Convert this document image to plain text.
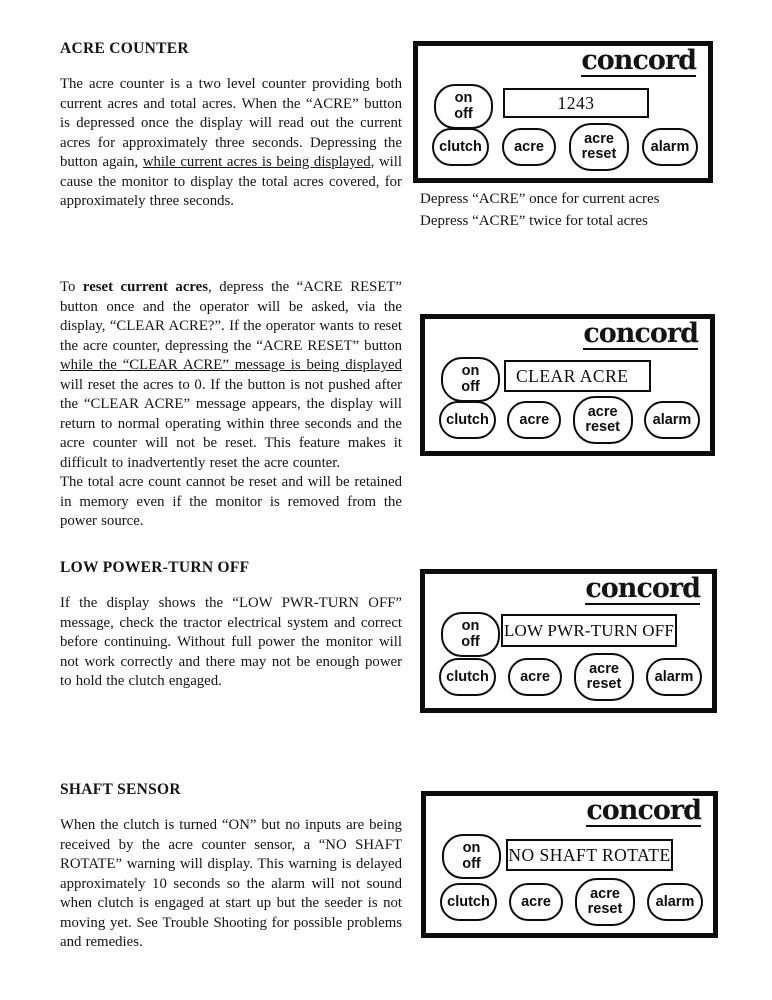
ACRE COUNTER
The acre counter is a two level counter providing both current acres and total acres. When the “ACRE” button is depressed once the display will read out the current acres for approximately three seconds. Depressing the button again, while current acres is being displayed, will cause the monitor to display the total acres covered, for approximately three seconds.
To reset current acres, depress the “ACRE RESET” button once and the operator will be asked, via the display, “CLEAR ACRE?”. If the operator wants to reset the acre counter, depressing the “ACRE RESET” button while the “CLEAR ACRE” message is being displayed will reset the acres to 0. If the button is not pushed after the “CLEAR ACRE” message appears, the display will return to normal operating within three seconds and the acre counter will not be reset. This feature makes it difficult to inadvertently reset the acre counter.
The total acre count cannot be reset and will be retained in memory even if the monitor is removed from the power source.
LOW POWER-TURN OFF
If the display shows the “LOW PWR-TURN OFF” message, check the tractor electrical system and correct before continuing. Without full power the monitor will not work correctly and there may not be enough power to hold the clutch engaged.
SHAFT SENSOR
When the clutch is turned “ON” but no inputs are being received by the acre counter sensor, a “NO SHAFT ROTATE” warning will display. This warning is delayed approximately 10 seconds so the alarm will not sound when clutch is engaged at start up but the seeder is not moving yet. See Trouble Shooting for possible problems and remedies.
concord
on
off
1243
clutch	acre	acre
reset	alarm
Depress “ACRE” once for current acres
Depress “ACRE” twice for total acres
concord
on
off
CLEAR ACRE
clutch	acre	acre
reset	alarm
concord
on
off
LOW PWR-TURN OFF
clutch	acre	acre
reset	alarm
concord
on
off NO SHAFT ROTATE
clutch	acre	acre
reset	alarm
